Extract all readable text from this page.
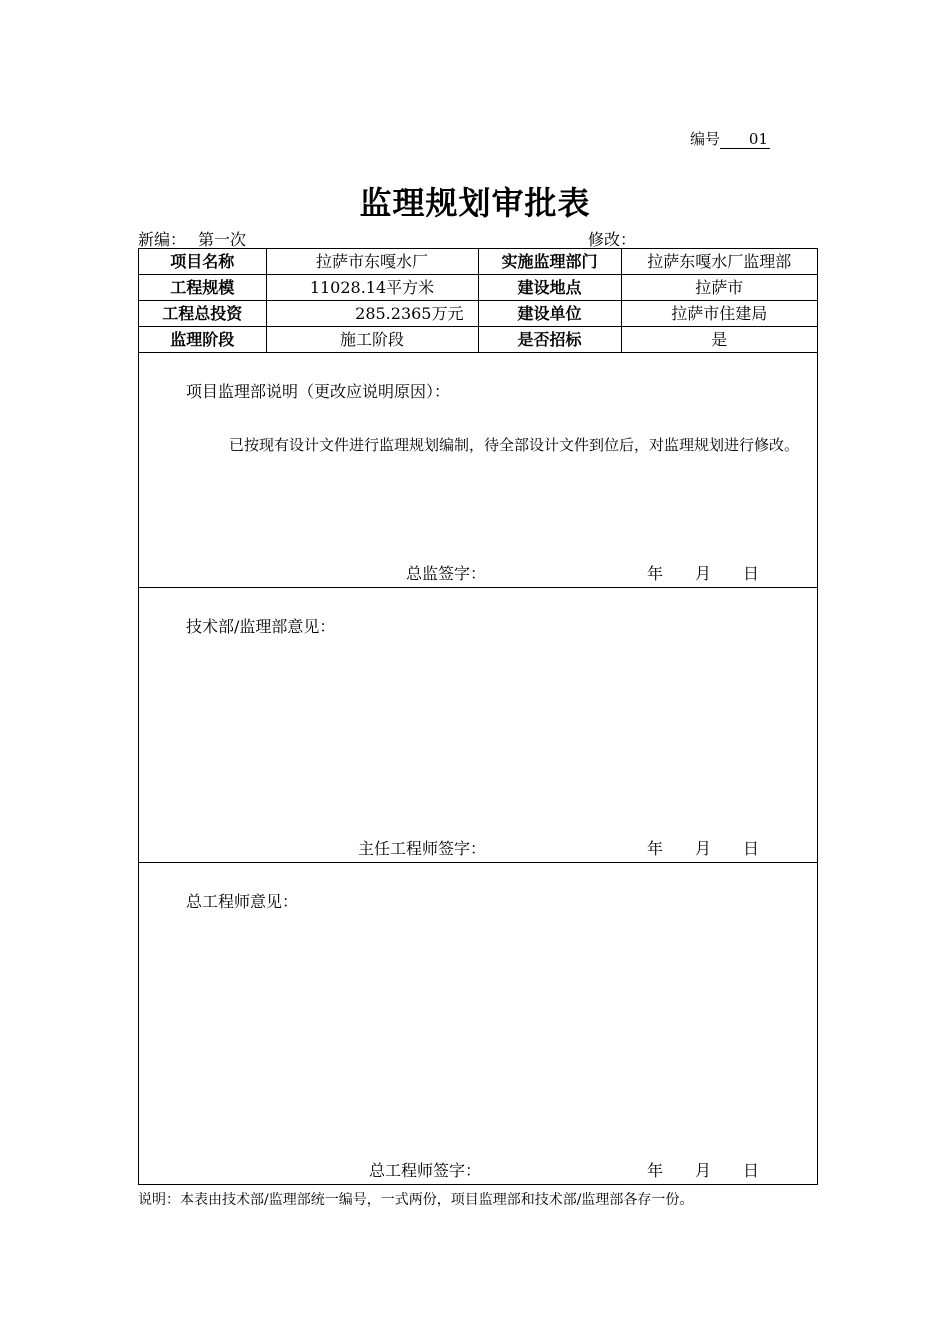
编号 01
监理规划审批表
新编： 第一次	修改：
项目名称	拉萨市东嘎水厂	实施监理部门	拉萨东嘎水厂监理部
工程规模	11028.14平方米	建设地点	拉萨市
工程总投资	285.2365万元	建设单位	拉萨市住建局
监理阶段	施工阶段	是否招标	是
项目监理部说明（更改应说明原因）：
已按现有设计文件进行监理规划编制，待全部设计文件到位后，对监理规划进行修改。
总监签字：	年 月 日
技术部/监理部意见：
主任工程师签字：	年 月 日
总工程师意见：
总工程师签字：	年 月 日
说明：本表由技术部/监理部统一编号，一式两份，项目监理部和技术部/监理部各存一份。
